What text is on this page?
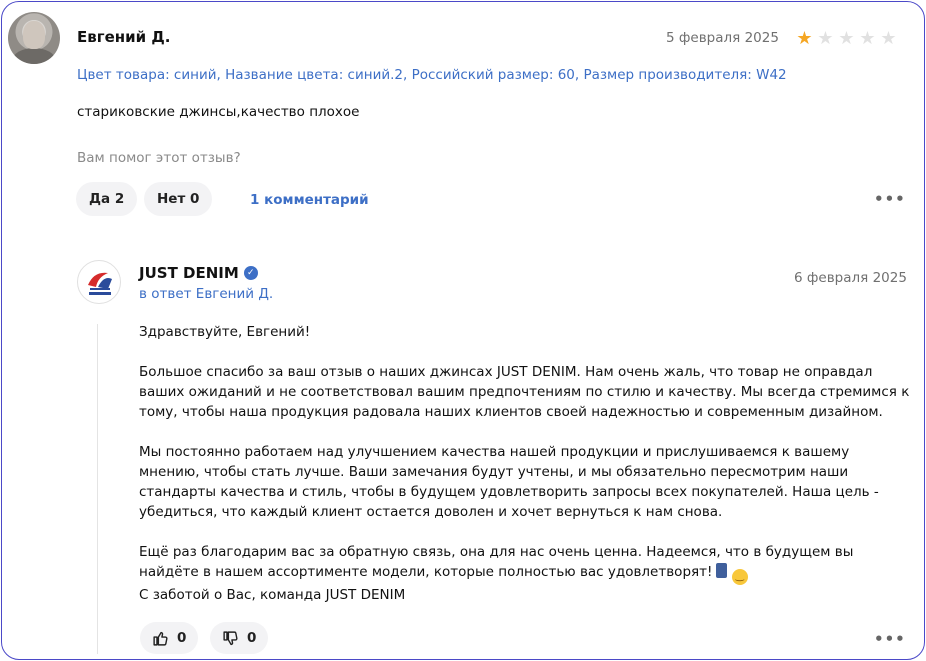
Евгений Д.	5 февраля 2025 ★ ★ ★ ★ ★
Цвет товара: синий, Название цвета: синий.2, Российский размер: 60, Размер производителя: W42
стариковские джинсы,качество плохое
Вам помог этот отзыв?
Да 2	Нет 0	1 комментарий	•••
JUST DENIM ✓
в ответ Евгений Д.
6 февраля 2025

Здравствуйте, Евгений!

Большое спасибо за ваш отзыв о наших джинсах JUST DENIM. Нам очень жаль, что товар не оправдал ваших ожиданий и не соответствовал вашим предпочтениям по стилю и качеству. Мы всегда стремимся к тому, чтобы наша продукция радовала наших клиентов своей надежностью и современным дизайном.

Мы постоянно работаем над улучшением качества нашей продукции и прислушиваемся к вашему мнению, чтобы стать лучше. Ваши замечания будут учтены, и мы обязательно пересмотрим наши стандарты качества и стиль, чтобы в будущем удовлетворить запросы всех покупателей. Наша цель - убедиться, что каждый клиент остается доволен и хочет вернуться к нам снова.

Ещё раз благодарим вас за обратную связь, она для нас очень ценна. Надеемся, что в будущем вы найдёте в нашем ассортименте модели, которые полностью вас удовлетворят! ‿

С заботой о Вас, команда JUST DENIM

0	0	•••
